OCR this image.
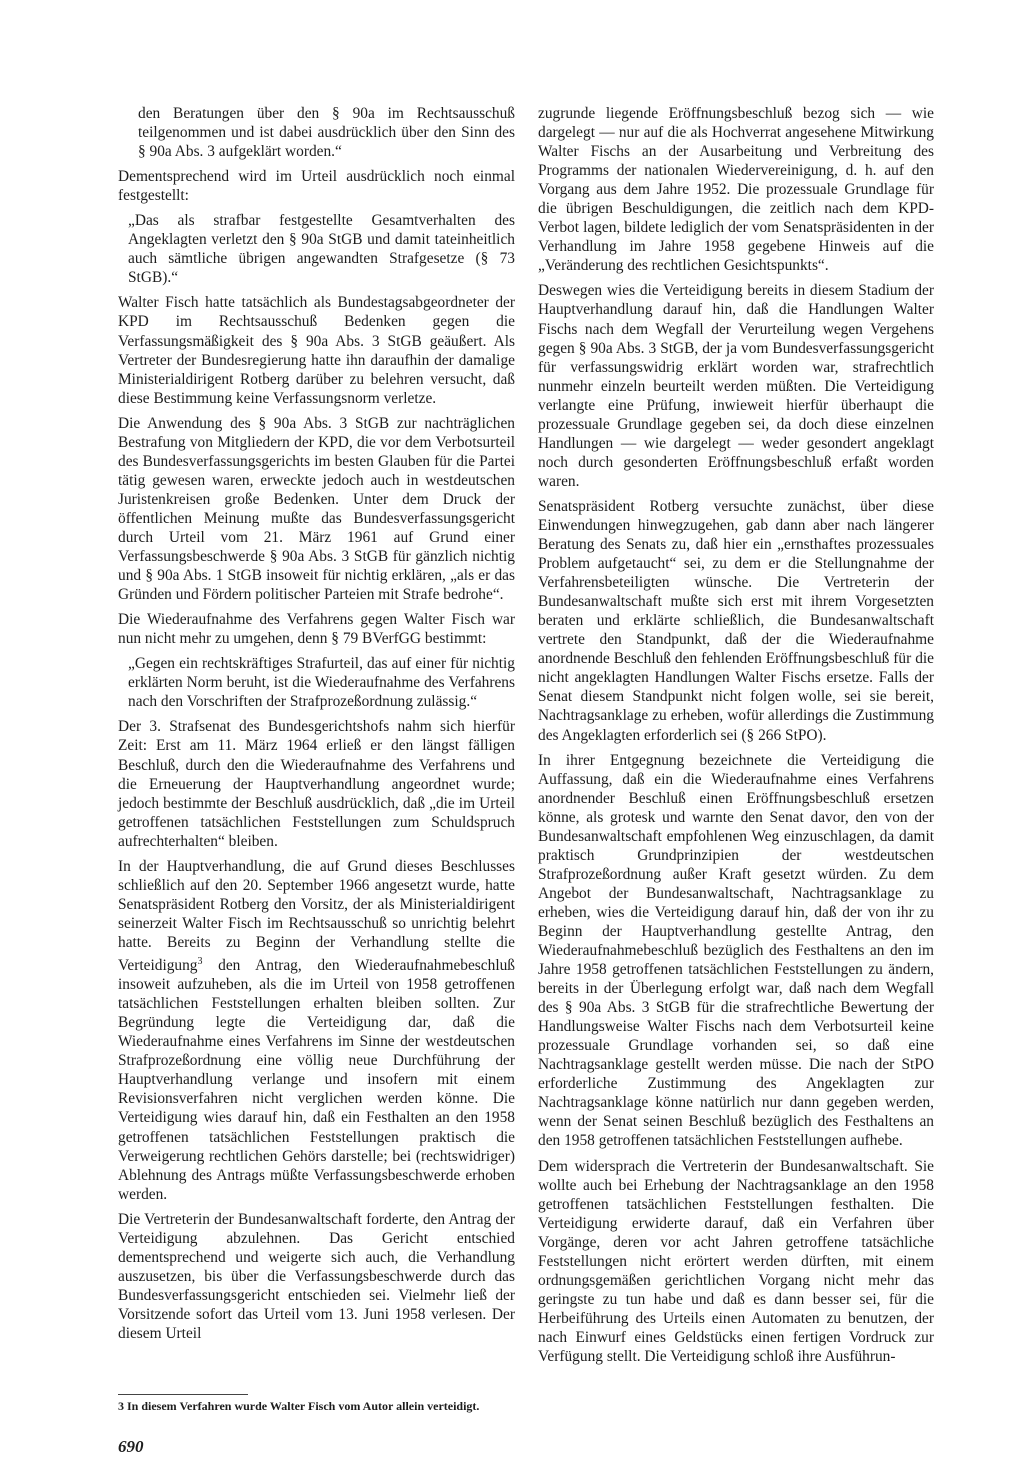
den Beratungen über den § 90a im Rechtsausschuß teilgenommen und ist dabei ausdrücklich über den Sinn des § 90a Abs. 3 aufgeklärt worden.“

Dementsprechend wird im Urteil ausdrücklich noch einmal festgestellt:

„Das als strafbar festgestellte Gesamtverhalten des Angeklagten verletzt den § 90a StGB und damit tateinheitlich auch sämtliche übrigen angewandten Strafgesetze (§ 73 StGB).“

Walter Fisch hatte tatsächlich als Bundestagsabgeordneter der KPD im Rechtsausschuß Bedenken gegen die Verfassungsmäßigkeit des § 90a Abs. 3 StGB geäußert. Als Vertreter der Bundesregierung hatte ihn daraufhin der damalige Ministerialdirigent Rotberg darüber zu belehren versucht, daß diese Bestimmung keine Verfassungsnorm verletze.

Die Anwendung des § 90a Abs. 3 StGB zur nachträglichen Bestrafung von Mitgliedern der KPD, die vor dem Verbotsurteil des Bundesverfassungsgerichts im besten Glauben für die Partei tätig gewesen waren, erweckte jedoch auch in westdeutschen Juristenkreisen große Bedenken. Unter dem Druck der öffentlichen Meinung mußte das Bundesverfassungsgericht durch Urteil vom 21. März 1961 auf Grund einer Verfassungsbeschwerde § 90a Abs. 3 StGB für gänzlich nichtig und § 90a Abs. 1 StGB insoweit für nichtig erklären, „als er das Gründen und Fördern politischer Parteien mit Strafe bedrohe“.

Die Wiederaufnahme des Verfahrens gegen Walter Fisch war nun nicht mehr zu umgehen, denn § 79 BVerfGG bestimmt:

„Gegen ein rechtskräftiges Strafurteil, das auf einer für nichtig erklärten Norm beruht, ist die Wiederaufnahme des Verfahrens nach den Vorschriften der Strafprozeßordnung zulässig.“

Der 3. Strafsenat des Bundesgerichtshofs nahm sich hierfür Zeit: Erst am 11. März 1964 erließ er den längst fälligen Beschluß, durch den die Wiederaufnahme des Verfahrens und die Erneuerung der Hauptverhandlung angeordnet wurde; jedoch bestimmte der Beschluß ausdrücklich, daß „die im Urteil getroffenen tatsächlichen Feststellungen zum Schuldspruch aufrechterhalten“ bleiben.

In der Hauptverhandlung, die auf Grund dieses Beschlusses schließlich auf den 20. September 1966 angesetzt wurde, hatte Senatspräsident Rotberg den Vorsitz, der als Ministerialdirigent seinerzeit Walter Fisch im Rechtsausschuß so unrichtig belehrt hatte. Bereits zu Beginn der Verhandlung stellte die Verteidigung$^3$ den Antrag, den Wiederaufnahmebeschluß insoweit aufzuheben, als die im Urteil von 1958 getroffenen tatsächlichen Feststellungen erhalten bleiben sollten. Zur Begründung legte die Verteidigung dar, daß die Wiederaufnahme eines Verfahrens im Sinne der westdeutschen Strafprozeßordnung eine völlig neue Durchführung der Hauptverhandlung verlange und insofern mit einem Revisionsverfahren nicht verglichen werden könne. Die Verteidigung wies darauf hin, daß ein Festhalten an den 1958 getroffenen tatsächlichen Feststellungen praktisch die Verweigerung rechtlichen Gehörs darstelle; bei (rechtswidriger) Ablehnung des Antrags müßte Verfassungsbeschwerde erhoben werden.

Die Vertreterin der Bundesanwaltschaft forderte, den Antrag der Verteidigung abzulehnen. Das Gericht entschied dementsprechend und weigerte sich auch, die Verhandlung auszusetzen, bis über die Verfassungsbeschwerde durch das Bundesverfassungsgericht entschieden sei. Vielmehr ließ der Vorsitzende sofort das Urteil vom 13. Juni 1958 verlesen. Der diesem Urteil

zugrunde liegende Eröffnungsbeschluß bezog sich — wie dargelegt — nur auf die als Hochverrat angesehene Mitwirkung Walter Fischs an der Ausarbeitung und Verbreitung des Programms der nationalen Wiedervereinigung, d. h. auf den Vorgang aus dem Jahre 1952. Die prozessuale Grundlage für die übrigen Beschuldigungen, die zeitlich nach dem KPD-Verbot lagen, bildete lediglich der vom Senatspräsidenten in der Verhandlung im Jahre 1958 gegebene Hinweis auf die „Veränderung des rechtlichen Gesichtspunkts“.

Deswegen wies die Verteidigung bereits in diesem Stadium der Hauptverhandlung darauf hin, daß die Handlungen Walter Fischs nach dem Wegfall der Verurteilung wegen Vergehens gegen § 90a Abs. 3 StGB, der ja vom Bundesverfassungsgericht für verfassungswidrig erklärt worden war, strafrechtlich nunmehr einzeln beurteilt werden müßten. Die Verteidigung verlangte eine Prüfung, inwieweit hierfür überhaupt die prozessuale Grundlage gegeben sei, da doch diese einzelnen Handlungen — wie dargelegt — weder gesondert angeklagt noch durch gesonderten Eröffnungsbeschluß erfaßt worden waren.

Senatspräsident Rotberg versuchte zunächst, über diese Einwendungen hinwegzugehen, gab dann aber nach längerer Beratung des Senats zu, daß hier ein „ernsthaftes prozessuales Problem aufgetaucht“ sei, zu dem er die Stellungnahme der Verfahrensbeteiligten wünsche. Die Vertreterin der Bundesanwaltschaft mußte sich erst mit ihrem Vorgesetzten beraten und erklärte schließlich, die Bundesanwaltschaft vertrete den Standpunkt, daß der die Wiederaufnahme anordnende Beschluß den fehlenden Eröffnungsbeschluß für die nicht angeklagten Handlungen Walter Fischs ersetze. Falls der Senat diesem Standpunkt nicht folgen wolle, sei sie bereit, Nachtragsanklage zu erheben, wofür allerdings die Zustimmung des Angeklagten erforderlich sei (§ 266 StPO).

In ihrer Entgegnung bezeichnete die Verteidigung die Auffassung, daß ein die Wiederaufnahme eines Verfahrens anordnender Beschluß einen Eröffnungsbeschluß ersetzen könne, als grotesk und warnte den Senat davor, den von der Bundesanwaltschaft empfohlenen Weg einzuschlagen, da damit praktisch Grundprinzipien der westdeutschen Strafprozeßordnung außer Kraft gesetzt würden. Zu dem Angebot der Bundesanwaltschaft, Nachtragsanklage zu erheben, wies die Verteidigung darauf hin, daß der von ihr zu Beginn der Hauptverhandlung gestellte Antrag, den Wiederaufnahmebeschluß bezüglich des Festhaltens an den im Jahre 1958 getroffenen tatsächlichen Feststellungen zu ändern, bereits in der Überlegung erfolgt war, daß nach dem Wegfall des § 90a Abs. 3 StGB für die strafrechtliche Bewertung der Handlungsweise Walter Fischs nach dem Verbotsurteil keine prozessuale Grundlage vorhanden sei, so daß eine Nachtragsanklage gestellt werden müsse. Die nach der StPO erforderliche Zustimmung des Angeklagten zur Nachtragsanklage könne natürlich nur dann gegeben werden, wenn der Senat seinen Beschluß bezüglich des Festhaltens an den 1958 getroffenen tatsächlichen Feststellungen aufhebe.

Dem widersprach die Vertreterin der Bundesanwaltschaft. Sie wollte auch bei Erhebung der Nachtragsanklage an den 1958 getroffenen tatsächlichen Feststellungen festhalten. Die Verteidigung erwiderte darauf, daß ein Verfahren über Vorgänge, deren vor acht Jahren getroffene tatsächliche Feststellungen nicht erörtert werden dürften, mit einem ordnungsgemäßen gerichtlichen Vorgang nicht mehr das geringste zu tun habe und daß es dann besser sei, für die Herbeiführung des Urteils einen Automaten zu benutzen, der nach Einwurf eines Geldstücks einen fertigen Vordruck zur Verfügung stellt. Die Verteidigung schloß ihre Ausführun-

3 In diesem Verfahren wurde Walter Fisch vom Autor allein verteidigt.
690
